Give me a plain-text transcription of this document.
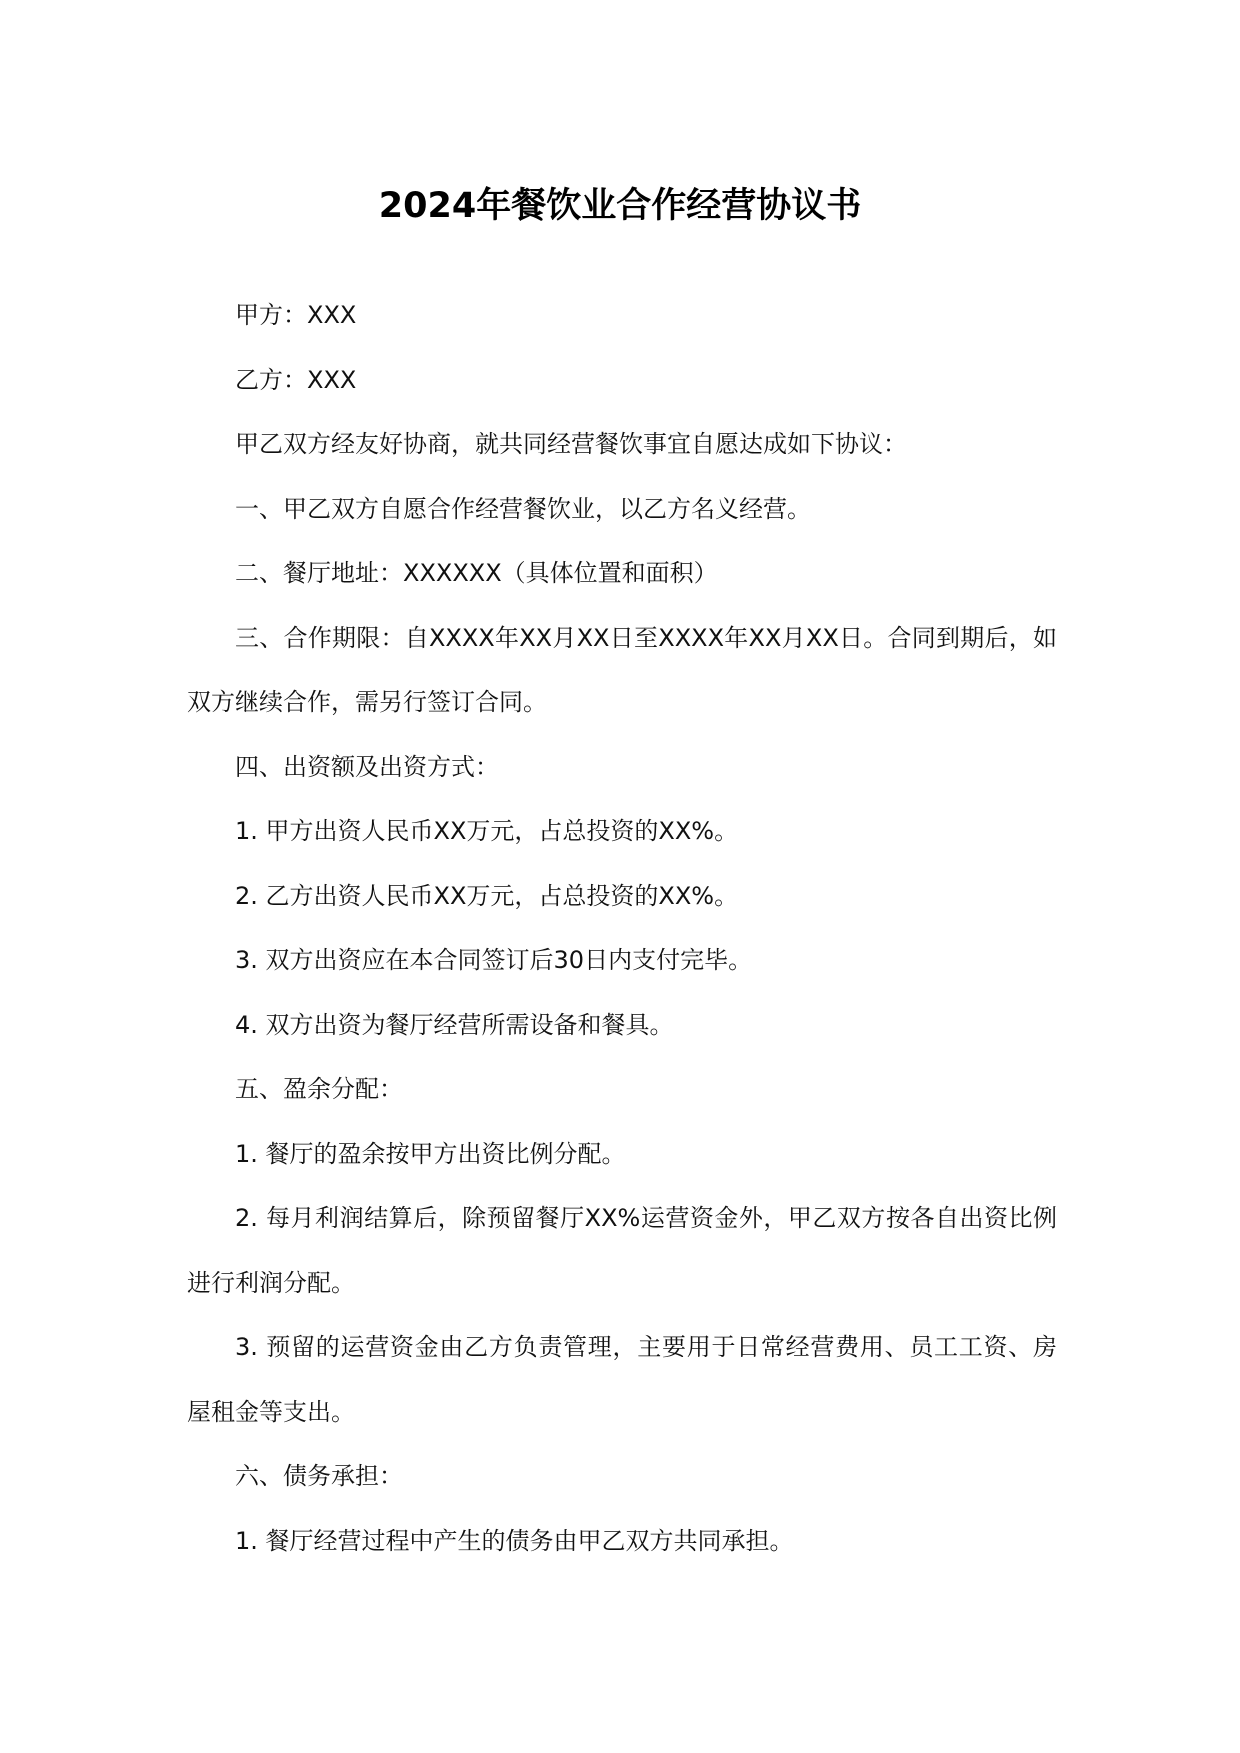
2024年餐饮业合作经营协议书

甲方：XXX

乙方：XXX

甲乙双方经友好协商，就共同经营餐饮事宜自愿达成如下协议：

一、甲乙双方自愿合作经营餐饮业，以乙方名义经营。

二、餐厅地址：XXXXXX（具体位置和面积）

三、合作期限：自XXXX年XX月XX日至XXXX年XX月XX日。合同到期后，如双方继续合作，需另行签订合同。

四、出资额及出资方式：

1. 甲方出资人民币XX万元，占总投资的XX%。

2. 乙方出资人民币XX万元，占总投资的XX%。

3. 双方出资应在本合同签订后30日内支付完毕。

4. 双方出资为餐厅经营所需设备和餐具。

五、盈余分配：

1. 餐厅的盈余按甲方出资比例分配。

2. 每月利润结算后，除预留餐厅XX%运营资金外，甲乙双方按各自出资比例进行利润分配。

3. 预留的运营资金由乙方负责管理，主要用于日常经营费用、员工工资、房屋租金等支出。

六、债务承担：

1. 餐厅经营过程中产生的债务由甲乙双方共同承担。
